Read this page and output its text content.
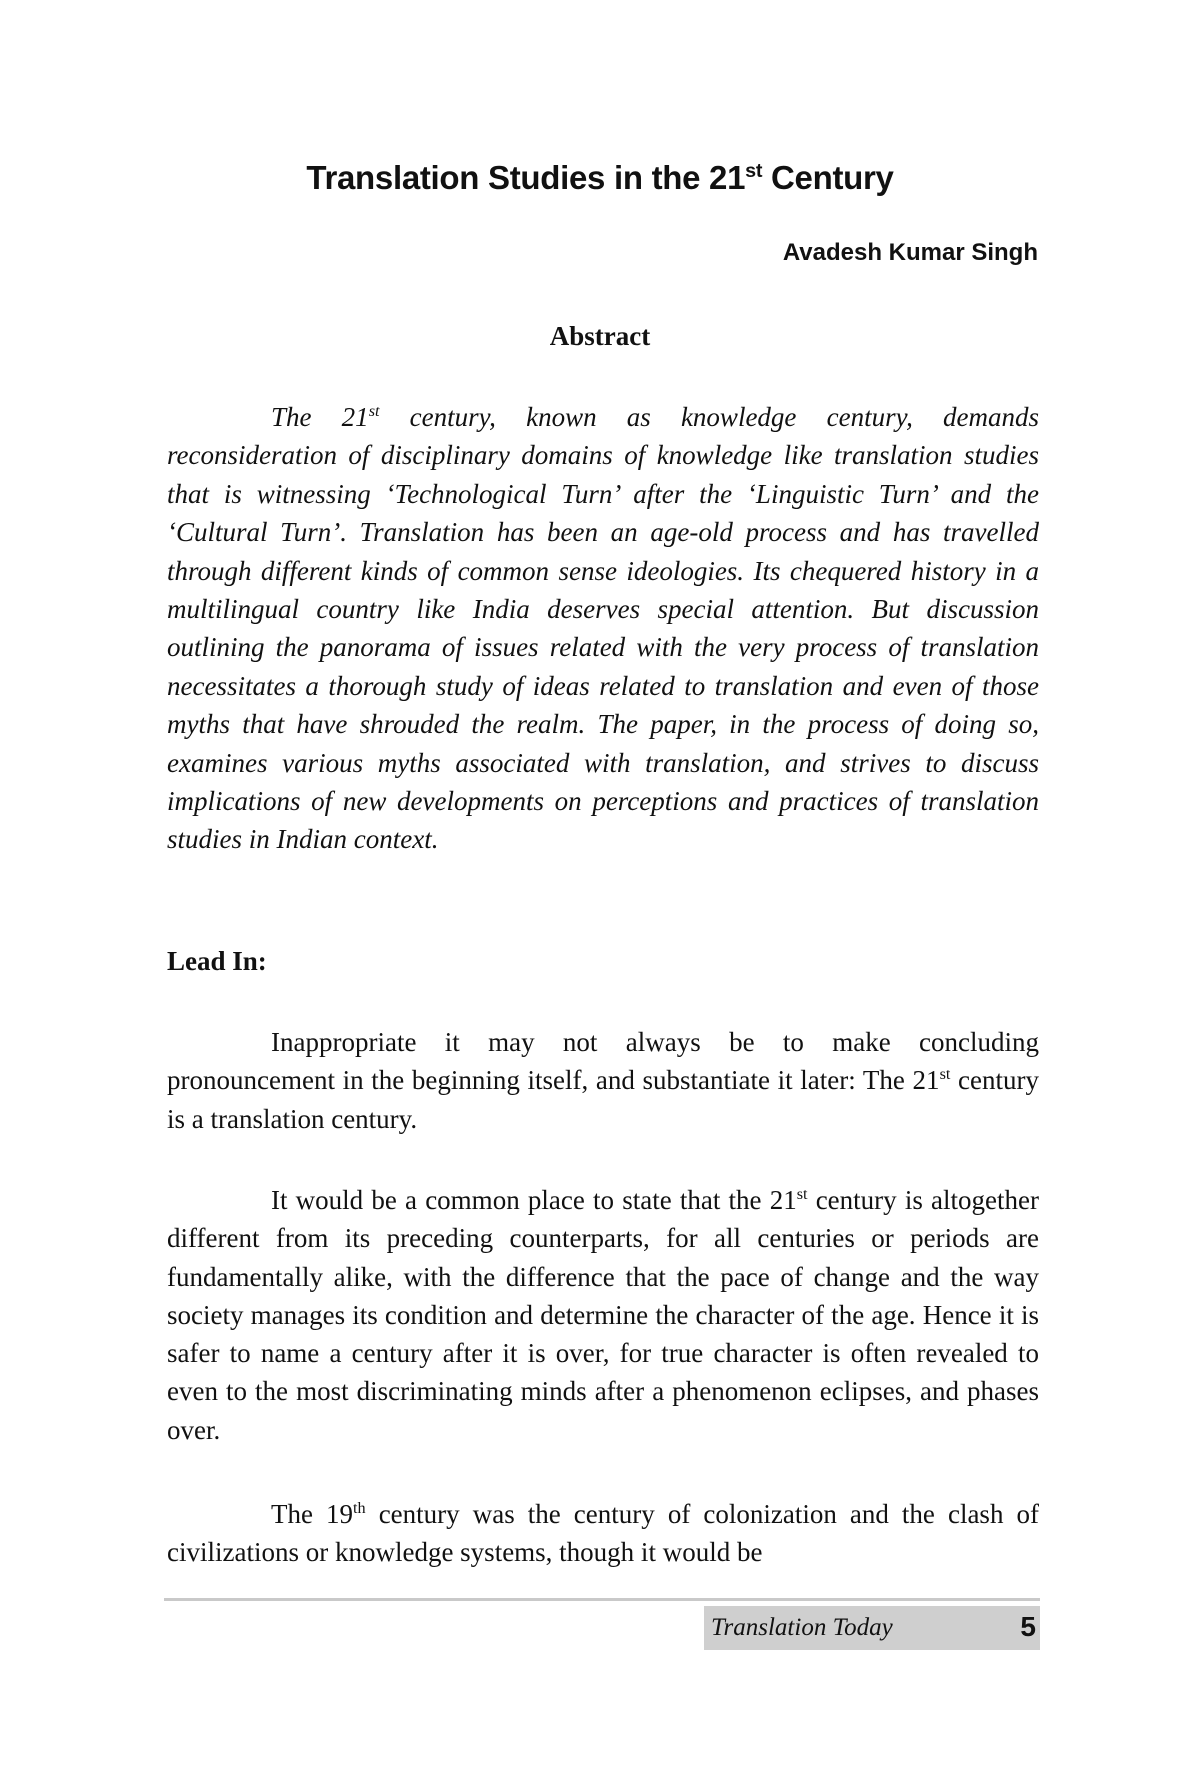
Translation Studies in the 21st Century
Avadesh Kumar Singh
Abstract

The 21st century, known as knowledge century, demands reconsideration of disciplinary domains of knowledge like translation studies that is witnessing ‘Technological Turn’ after the ‘Linguistic Turn’ and the ‘Cultural Turn’. Translation has been an age-old process and has travelled through different kinds of common sense ideologies. Its chequered history in a multilingual country like India deserves special attention. But discussion outlining the panorama of issues related with the very process of translation necessitates a thorough study of ideas related to translation and even of those myths that have shrouded the realm. The paper, in the process of doing so, examines various myths associated with translation, and strives to discuss implications of new developments on perceptions and practices of translation studies in Indian context.

Lead In:

Inappropriate it may not always be to make concluding pronouncement in the beginning itself, and substantiate it later: The 21st century is a translation century.

It would be a common place to state that the 21st century is altogether different from its preceding counterparts, for all centuries or periods are fundamentally alike, with the difference that the pace of change and the way society manages its condition and determine the character of the age. Hence it is safer to name a century after it is over, for true character is often revealed to even to the most discriminating minds after a phenomenon eclipses, and phases over.

The 19th century was the century of colonization and the clash of civilizations or knowledge systems, though it would be

Translation Today	5
